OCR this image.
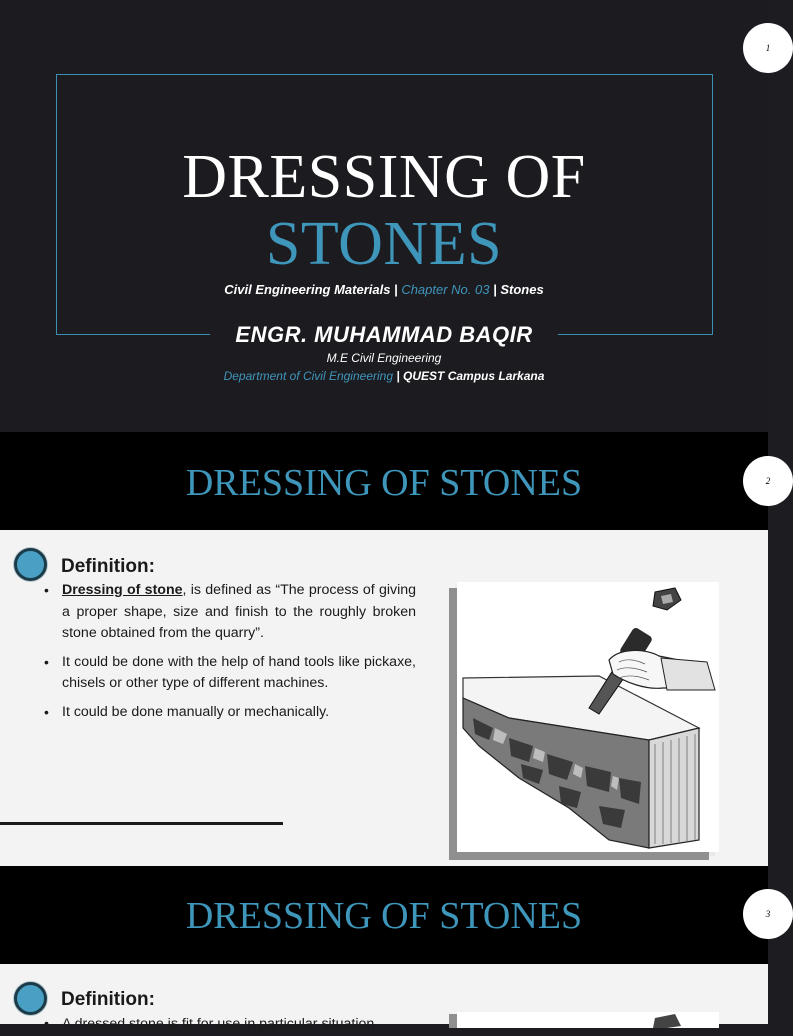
DRESSING OF
STONES
Civil Engineering Materials | Chapter No. 03 | Stones
ENGR. MUHAMMAD BAQIR
M.E Civil Engineering
Department of Civil Engineering | QUEST Campus Larkana
1
DRESSING OF STONES	2
Definition:
• Dressing of stone, is defined as “The process of giving a proper shape, size and finish to the roughly broken stone obtained from the quarry”.
• It could be done with the help of hand tools like pickaxe, chisels or other type of different machines.
• It could be done manually or mechanically.
DRESSING OF STONES	3
Definition:
• A dressed stone is fit for use in particular situation
